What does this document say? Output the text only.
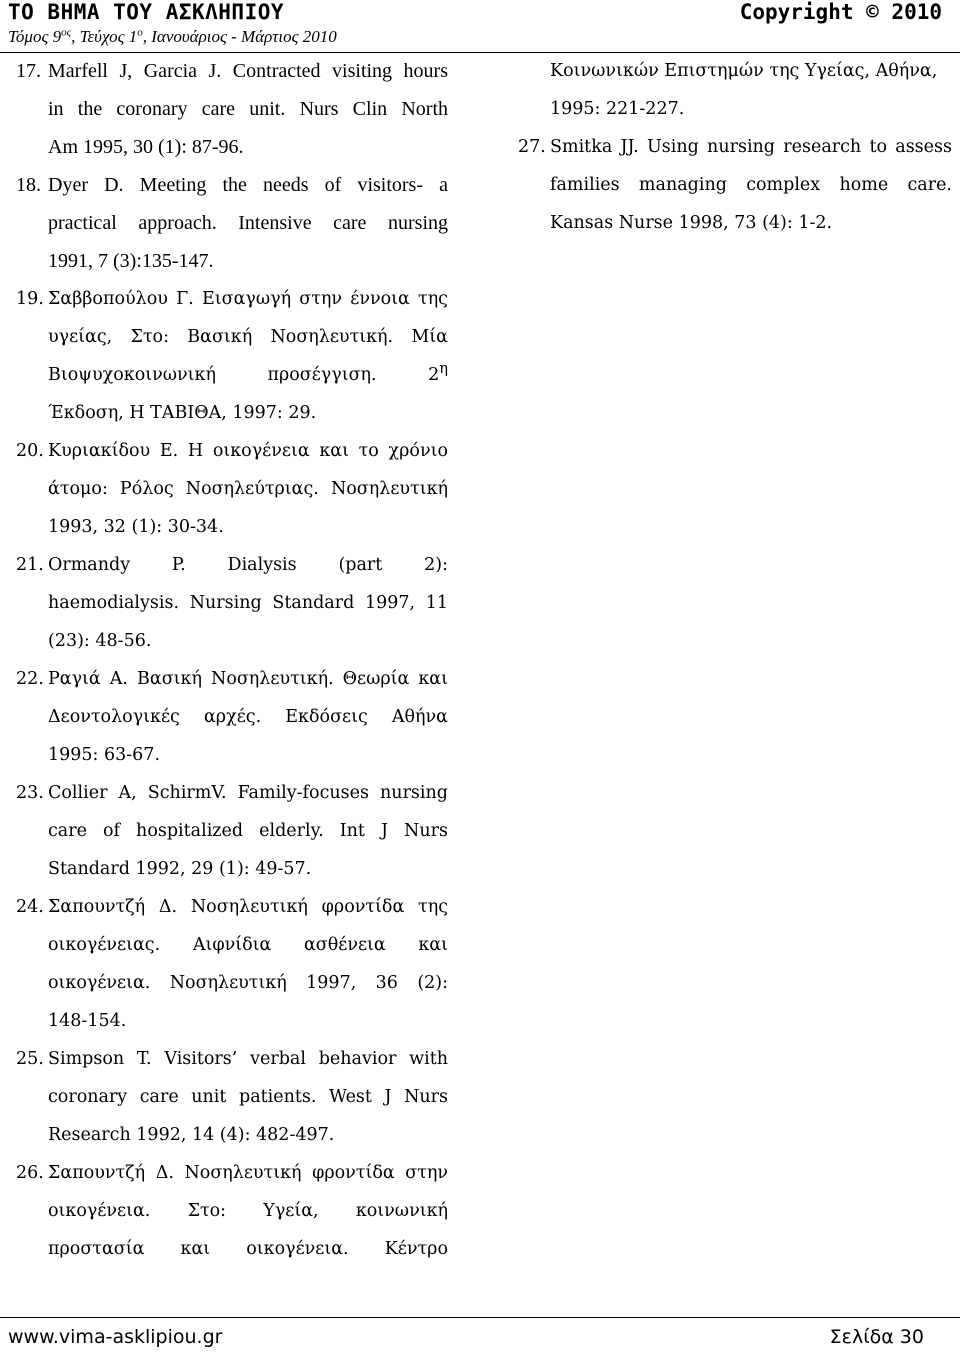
ΤΟ ΒΗΜΑ ΤΟΥ ΑΣΚΛΗΠΙΟΥ	Copyright © 2010
Τόμος $9^{o\varsigma}$, Τεύχος $1^o$, Ιανουάριος - Μάρτιος 2010
17. Marfell J, Garcia J. Contracted visiting hours
in the coronary care unit. Nurs Clin North
Am 1995, 30 (1): 87-96.
18. Dyer D. Meeting the needs of visitors- a
practical approach. Intensive care nursing
1991, 7 (3):135-147.
19. Σαββοπούλου Γ. Εισαγωγή στην έννοια της
υγείας, Στο: Βασική Νοσηλευτική. Μία
Βιοψυχοκοινωνική προσέγγιση. $2^\eta$
Έκδοση, Η ΤΑΒΙΘΑ, 1997: 29.
20. Κυριακίδου Ε. Η οικογένεια και το χρόνιο
άτομο: Ρόλος Νοσηλεύτριας. Νοσηλευτική
1993, 32 (1): 30-34.
21. Ormandy P. Dialysis (part 2):
haemodialysis. Nursing Standard 1997, 11
(23): 48-56.
22. Ραγιά Α. Βασική Νοσηλευτική. Θεωρία και
Δεοντολογικές αρχές. Εκδόσεις Αθήνα
1995: 63-67.
23. Collier A, SchirmV. Family-focuses nursing
care of hospitalized elderly. Int J Nurs
Standard 1992, 29 (1): 49-57.
24. Σαπουντζή Δ. Νοσηλευτική φροντίδα της
οικογένειας. Αιφνίδια ασθένεια και
οικογένεια. Νοσηλευτική 1997, 36 (2):
148-154.
25. Simpson T. Visitors’ verbal behavior with
coronary care unit patients. West J Nurs
Research 1992, 14 (4): 482-497.
26. Σαπουντζή Δ. Νοσηλευτική φροντίδα στην
οικογένεια. Στο: Υγεία, κοινωνική
προστασία και οικογένεια. Κέντρο
Κοινωνικών Επιστημών της Υγείας, Αθήνα,
1995: 221-227.
27. Smitka JJ. Using nursing research to assess
families managing complex home care.
Kansas Nurse 1998, 73 (4): 1-2.
www.vima-asklipiou.gr	Σελίδα 30
